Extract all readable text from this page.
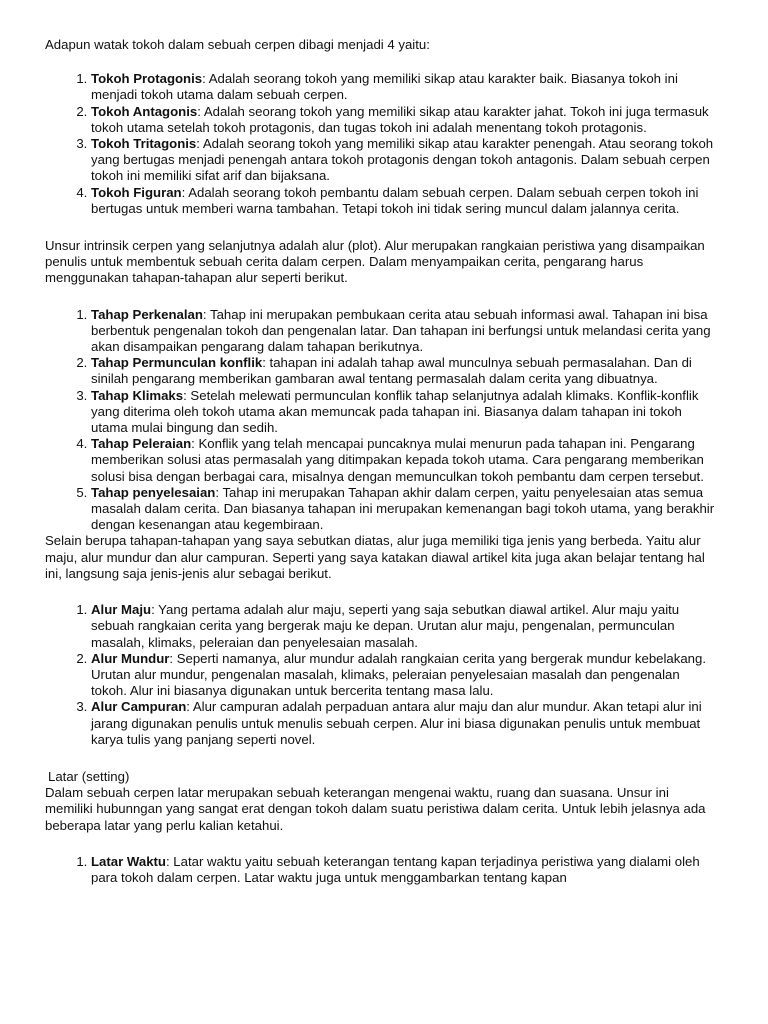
Adapun watak tokoh dalam sebuah cerpen dibagi menjadi 4 yaitu:

1. Tokoh Protagonis: Adalah seorang tokoh yang memiliki sikap atau karakter baik. Biasanya tokoh ini menjadi tokoh utama dalam sebuah cerpen.
2. Tokoh Antagonis: Adalah seorang tokoh yang memiliki sikap atau karakter jahat. Tokoh ini juga termasuk tokoh utama setelah tokoh protagonis, dan tugas tokoh ini adalah menentang tokoh protagonis.
3. Tokoh Tritagonis: Adalah seorang tokoh yang memiliki sikap atau karakter penengah. Atau seorang tokoh yang bertugas menjadi penengah antara tokoh protagonis dengan tokoh antagonis. Dalam sebuah cerpen tokoh ini memiliki sifat arif dan bijaksana.
4. Tokoh Figuran: Adalah seorang tokoh pembantu dalam sebuah cerpen. Dalam sebuah cerpen tokoh ini bertugas untuk memberi warna tambahan. Tetapi tokoh ini tidak sering muncul dalam jalannya cerita.

Unsur intrinsik cerpen yang selanjutnya adalah alur (plot). Alur merupakan rangkaian peristiwa yang disampaikan penulis untuk membentuk sebuah cerita dalam cerpen. Dalam menyampaikan cerita, pengarang harus menggunakan tahapan-tahapan alur seperti berikut.

1. Tahap Perkenalan: Tahap ini merupakan pembukaan cerita atau sebuah informasi awal. Tahapan ini bisa berbentuk pengenalan tokoh dan pengenalan latar. Dan tahapan ini berfungsi untuk melandasi cerita yang akan disampaikan pengarang dalam tahapan berikutnya.
2. Tahap Permunculan konflik: tahapan ini adalah tahap awal munculnya sebuah permasalahan. Dan di sinilah pengarang memberikan gambaran awal tentang permasalah dalam cerita yang dibuatnya.
3. Tahap Klimaks: Setelah melewati permunculan konflik tahap selanjutnya adalah klimaks. Konflik-konflik yang diterima oleh tokoh utama akan memuncak pada tahapan ini. Biasanya dalam tahapan ini tokoh utama mulai bingung dan sedih.
4. Tahap Peleraian: Konflik yang telah mencapai puncaknya mulai menurun pada tahapan ini. Pengarang memberikan solusi atas permasalah yang ditimpakan kepada tokoh utama. Cara pengarang memberikan solusi bisa dengan berbagai cara, misalnya dengan memunculkan tokoh pembantu dam cerpen tersebut.
5. Tahap penyelesaian: Tahap ini merupakan Tahapan akhir dalam cerpen, yaitu penyelesaian atas semua masalah dalam cerita. Dan biasanya tahapan ini merupakan kemenangan bagi tokoh utama, yang berakhir dengan kesenangan atau kegembiraan.

Selain berupa tahapan-tahapan yang saya sebutkan diatas, alur juga memiliki tiga jenis yang berbeda. Yaitu alur maju, alur mundur dan alur campuran. Seperti yang saya katakan diawal artikel kita juga akan belajar tentang hal ini, langsung saja jenis-jenis alur sebagai berikut.

1. Alur Maju: Yang pertama adalah alur maju, seperti yang saja sebutkan diawal artikel. Alur maju yaitu sebuah rangkaian cerita yang bergerak maju ke depan. Urutan alur maju, pengenalan, permunculan masalah, klimaks, peleraian dan penyelesaian masalah.
2. Alur Mundur: Seperti namanya, alur mundur adalah rangkaian cerita yang bergerak mundur kebelakang. Urutan alur mundur, pengenalan masalah, klimaks, peleraian penyelesaian masalah dan pengenalan tokoh. Alur ini biasanya digunakan untuk bercerita tentang masa lalu.
3. Alur Campuran: Alur campuran adalah perpaduan antara alur maju dan alur mundur. Akan tetapi alur ini jarang digunakan penulis untuk menulis sebuah cerpen. Alur ini biasa digunakan penulis untuk membuat karya tulis yang panjang seperti novel.

Latar (setting)

Dalam sebuah cerpen latar merupakan sebuah keterangan mengenai waktu, ruang dan suasana. Unsur ini memiliki hubunngan yang sangat erat dengan tokoh dalam suatu peristiwa dalam cerita. Untuk lebih jelasnya ada beberapa latar yang perlu kalian ketahui.

1. Latar Waktu: Latar waktu yaitu sebuah keterangan tentang kapan terjadinya peristiwa yang dialami oleh para tokoh dalam cerpen. Latar waktu juga untuk menggambarkan tentang kapan
